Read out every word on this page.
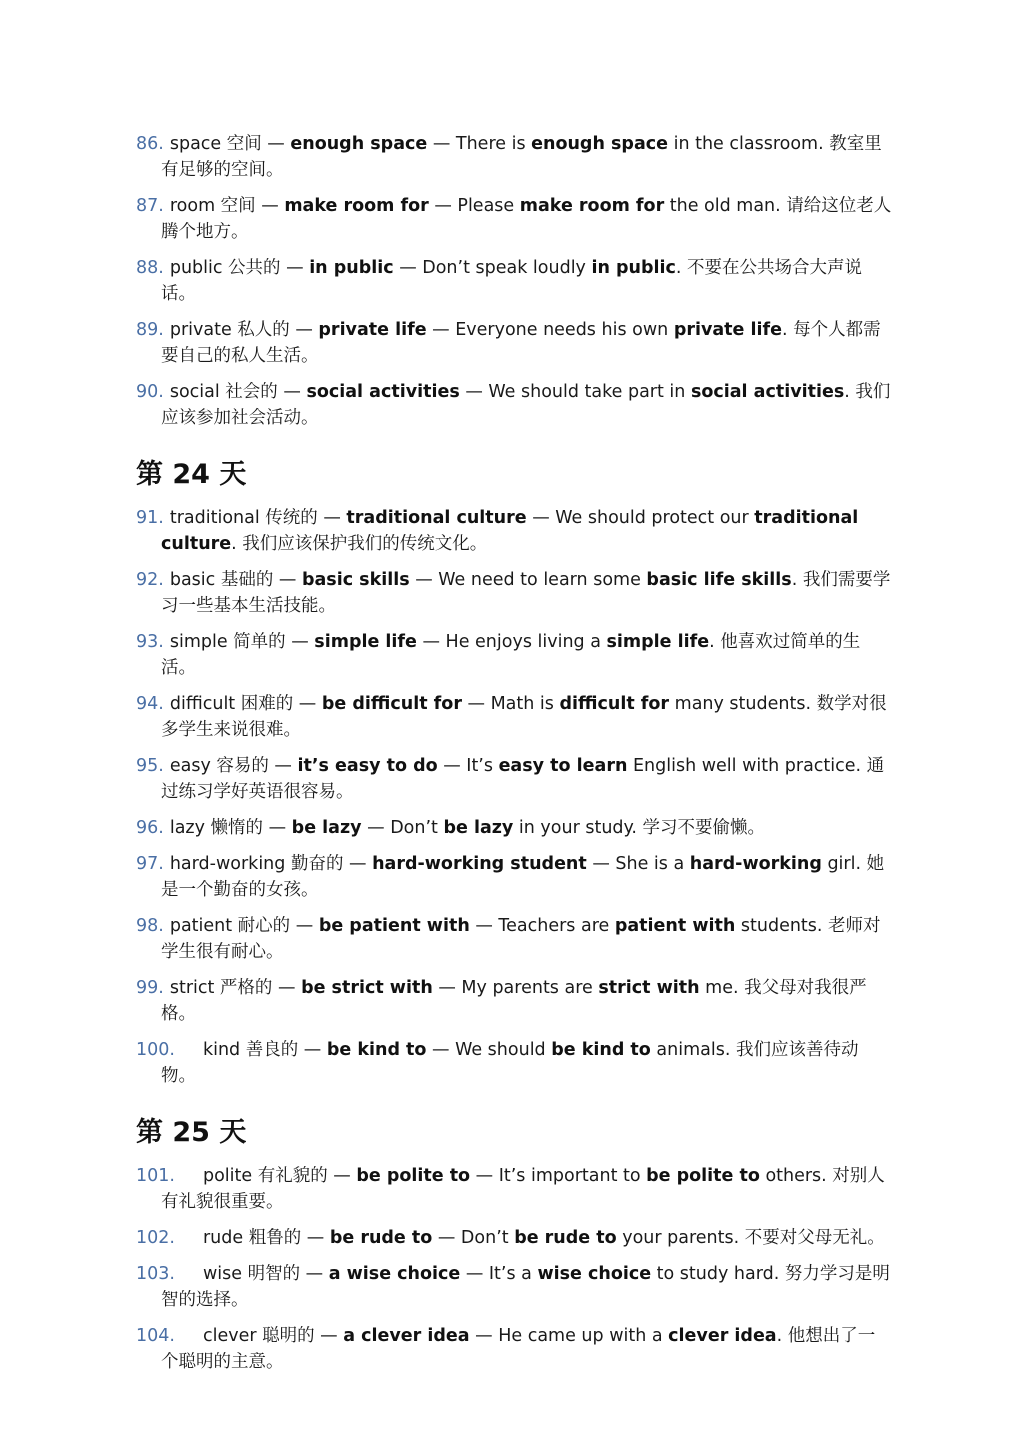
86. space 空间 — enough space — There is enough space in the classroom. 教室里有足够的空间。
87. room 空间 — make room for — Please make room for the old man. 请给这位老人腾个地方。
88. public 公共的 — in public — Don’t speak loudly in public. 不要在公共场合大声说话。
89. private 私人的 — private life — Everyone needs his own private life. 每个人都需要自己的私人生活。
90. social 社会的 — social activities — We should take part in social activities. 我们应该参加社会活动。
第 24 天
91. traditional 传统的 — traditional culture — We should protect our traditional culture. 我们应该保护我们的传统文化。
92. basic 基础的 — basic skills — We need to learn some basic life skills. 我们需要学习一些基本生活技能。
93. simple 简单的 — simple life — He enjoys living a simple life. 他喜欢过简单的生活。
94. difficult 困难的 — be difficult for — Math is difficult for many students. 数学对很多学生来说很难。
95. easy 容易的 — it’s easy to do — It’s easy to learn English well with practice. 通过练习学好英语很容易。
96. lazy 懒惰的 — be lazy — Don’t be lazy in your study. 学习不要偷懒。
97. hard-working 勤奋的 — hard-working student — She is a hard-working girl. 她是一个勤奋的女孩。
98. patient 耐心的 — be patient with — Teachers are patient with students. 老师对学生很有耐心。
99. strict 严格的 — be strict with — My parents are strict with me. 我父母对我很严格。
100. kind 善良的 — be kind to — We should be kind to animals. 我们应该善待动物。
第 25 天
101. polite 有礼貌的 — be polite to — It’s important to be polite to others. 对别人有礼貌很重要。
102. rude 粗鲁的 — be rude to — Don’t be rude to your parents. 不要对父母无礼。
103. wise 明智的 — a wise choice — It’s a wise choice to study hard. 努力学习是明智的选择。
104. clever 聪明的 — a clever idea — He came up with a clever idea. 他想出了一个聪明的主意。
